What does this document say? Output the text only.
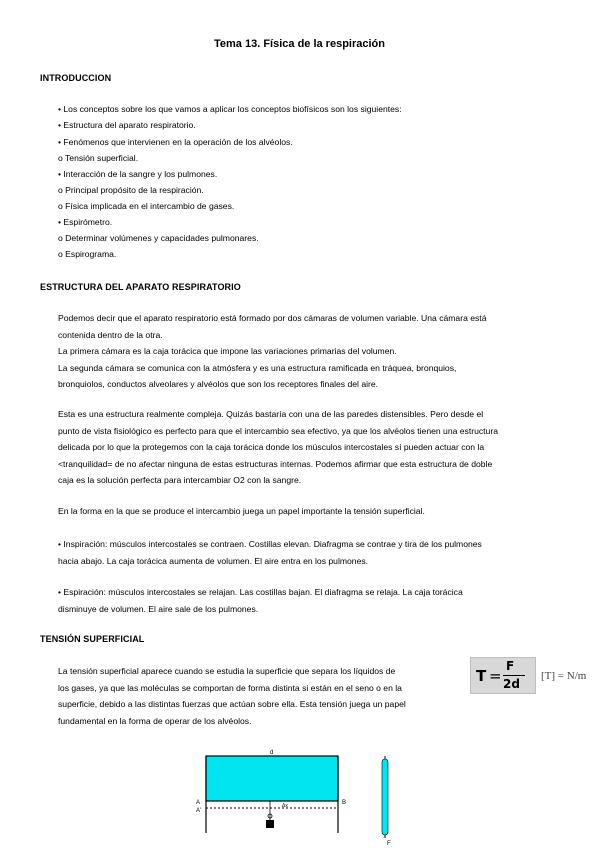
Tema 13. Física de la respiración
INTRODUCCION
• Los conceptos sobre los que vamos a aplicar los conceptos biofísicos son los siguientes:
• Estructura del aparato respiratorio.
• Fenómenos que intervienen en la operación de los alvéolos.
o Tensión superficial.
• Interacción de la sangre y los pulmones.
o Principal propósito de la respiración.
o Física implicada en el intercambio de gases.
• Espirómetro.
o Determinar volúmenes y capacidades pulmonares.
o Espirograma.
ESTRUCTURA DEL APARATO RESPIRATORIO
Podemos decir que el aparato respiratorio está formado por dos cámaras de volumen variable. Una cámara está
contenida dentro de la otra.
La primera cámara es la caja torácica que impone las variaciones primarias del volumen.
La segunda cámara se comunica con la atmósfera y es una estructura ramificada en tráquea, bronquios,
bronquiolos, conductos alveolares y alvéolos que son los receptores finales del aire.
Esta es una estructura realmente compleja. Quizás bastaría con una de las paredes distensibles. Pero desde el
punto de vista fisiológico es perfecto para que el intercambio sea efectivo, ya que los alvéolos tienen una estructura
delicada por lo que la protegemos con la caja torácica donde los músculos intercostales sí pueden actuar con la
<tranquilidad= de no afectar ninguna de estas estructuras internas. Podemos afirmar que esta estructura de doble
caja es la solución perfecta para intercambiar O2 con la sangre.
En la forma en la que se produce el intercambio juega un papel importante la tensión superficial.
• Inspiración: músculos intercostales se contraen. Costillas elevan. Diafragma se contrae y tira de los pulmones
hacia abajo. La caja torácica aumenta de volumen. El aire entra en los pulmones.
• Espiración: músculos intercostales se relajan. Las costillas bajan. El diafragma se relaja. La caja torácica
disminuye de volumen. El aire sale de los pulmones.
TENSIÓN SUPERFICIAL
La tensión superficial aparece cuando se estudia la superficie que separa los líquidos de
los gases, ya que las moléculas se comportan de forma distinta si están en el seno o en la
superficie, debido a las distintas fuerzas que actúan sobre ella. Esta tensión juega un papel
fundamental en la forma de operar de los alvéolos.
T =
F
2d
[T] = N/m
d
A
A'
B
Δx
F
